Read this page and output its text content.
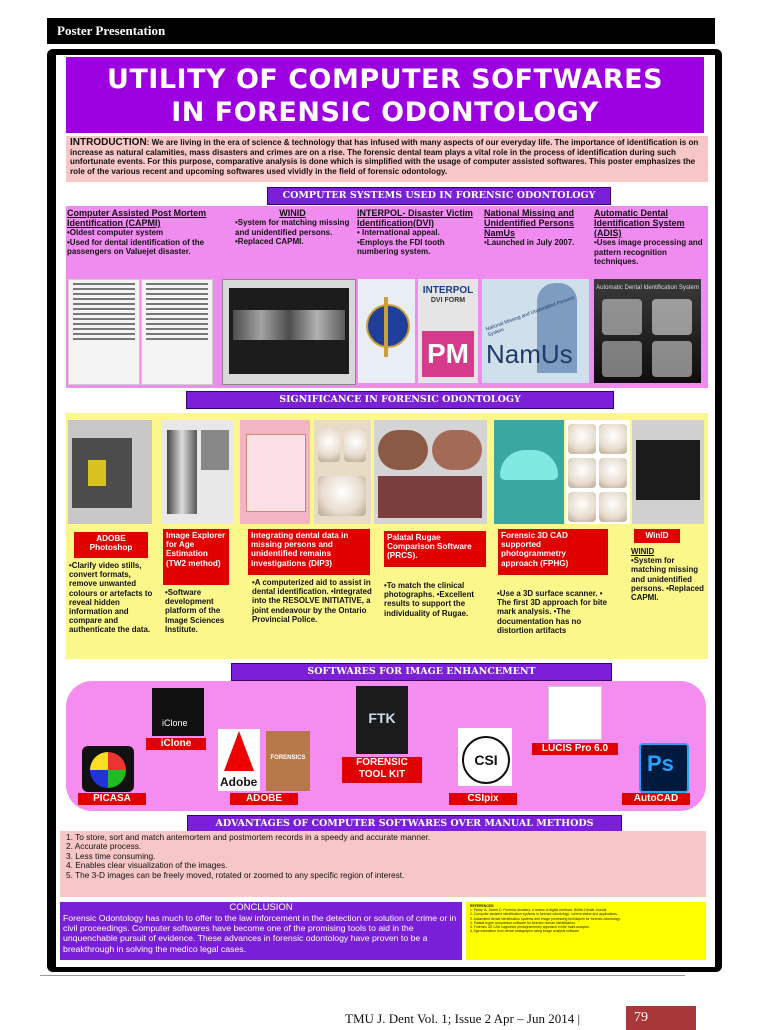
Poster Presentation
UTILITY OF COMPUTER SOFTWARES
IN FORENSIC ODONTOLOGY
INTRODUCTION: We are living in the era of science & technology that has infused with many aspects of our everyday life. The importance of identification is on increase as natural calamities, mass disasters and crimes are on a rise. The forensic dental team plays a vital role in the process of identification during such unfortunate events. For this purpose, comparative analysis is done which is simplified with the usage of computer assisted softwares. This poster emphasizes the role of the various recent and upcoming softwares used vividly in the field of forensic odontology.
COMPUTER SYSTEMS USED IN FORENSIC ODONTOLOGY
Computer Assisted Post Mortem Identification (CAPMI)
•Oldest computer system
•Used for dental identification of the passengers on Valuejet disaster.
WINID
•System for matching missing and unidentified persons.
•Replaced CAPMI.
INTERPOL- Disaster Victim Identification(DVI)
• International appeal.
•Employs the FDI tooth numbering system.
National Missing and Unidentified Persons NamUs
•Launched in July 2007.
Automatic Dental Identification System (ADIS)
•Uses image processing and pattern recognition techniques.
INTERPOL
DVI FORM
PM
National Missing and Unidentified Persons System
NamUs
Automatic Dental Identification System
SIGNIFICANCE IN FORENSIC ODONTOLOGY
ADOBE Photoshop
•Clarify video stills, convert formats, remove unwanted colours or artefacts to reveal hidden information and compare and authenticate the data.
Image Explorer for Age Estimation (TW2 method)
•Software development platform of the Image Sciences Institute.
Integrating dental data in missing persons and unidentified remains investigations (DIP3)
•A computerized aid to assist in dental identification. •Integrated into the RESOLVE INITIATIVE, a joint endeavour by the Ontario Provincial Police.
Palatal Rugae Comparison Software (PRCS).
•To match the clinical photographs. •Excellent results to support the individuality of Rugae.
Forensic 3D CAD supported photogrammetry approach (FPHG)
•Use a 3D surface scanner. • The first 3D approach for bite mark analysis. •The documentation has no distortion artifacts
WinID
WINID
•System for matching missing and unidentified persons. •Replaced CAPMI.
SOFTWARES FOR IMAGE ENHANCEMENT
PICASA
iClone
iClone
Adobe
FORENSICS
ADOBE
FTK
FORENSIC TOOL KIT
CSI
CSIpix
LUCIS Pro 6.0
Ps
AutoCAD
ADVANTAGES OF COMPUTER SOFTWARES OVER MANUAL METHODS
1. To store, sort and match antemortem and postmortem records in a speedy and accurate manner.
2. Accurate process.
3. Less time consuming.
4. Enables clear visualization of the images.
5. The 3-D images can be freely moved, rotated or zoomed to any specific region of interest.
CONCLUSION
Forensic Odontology has much to offer to the law inforcement in the detection or solution of crime or in civil proceedings. Computer softwares have become one of the promising tools to aid in the unquenchable pursuit of evidence. These advances in forensic odontology have proven to be a breakthrough in solving the medico legal cases.
REFERENCES:
1. Pretty IA, Sweet D. Forensic dentistry: a review of digital methods. British Dental Journal.
2. Computer assisted identification systems in forensic odontology: current status and applications.
3. Automated dental identification systems and image processing techniques for forensic odontology.
4. Palatal rugae comparison software for forensic human identification.
5. Forensic 3D CAD supported photogrammetry approach in bite mark analysis.
6. Age estimation from dental radiographs using image analysis software.
TMU J. Dent Vol. 1; Issue 2 Apr – Jun 2014 |	79
